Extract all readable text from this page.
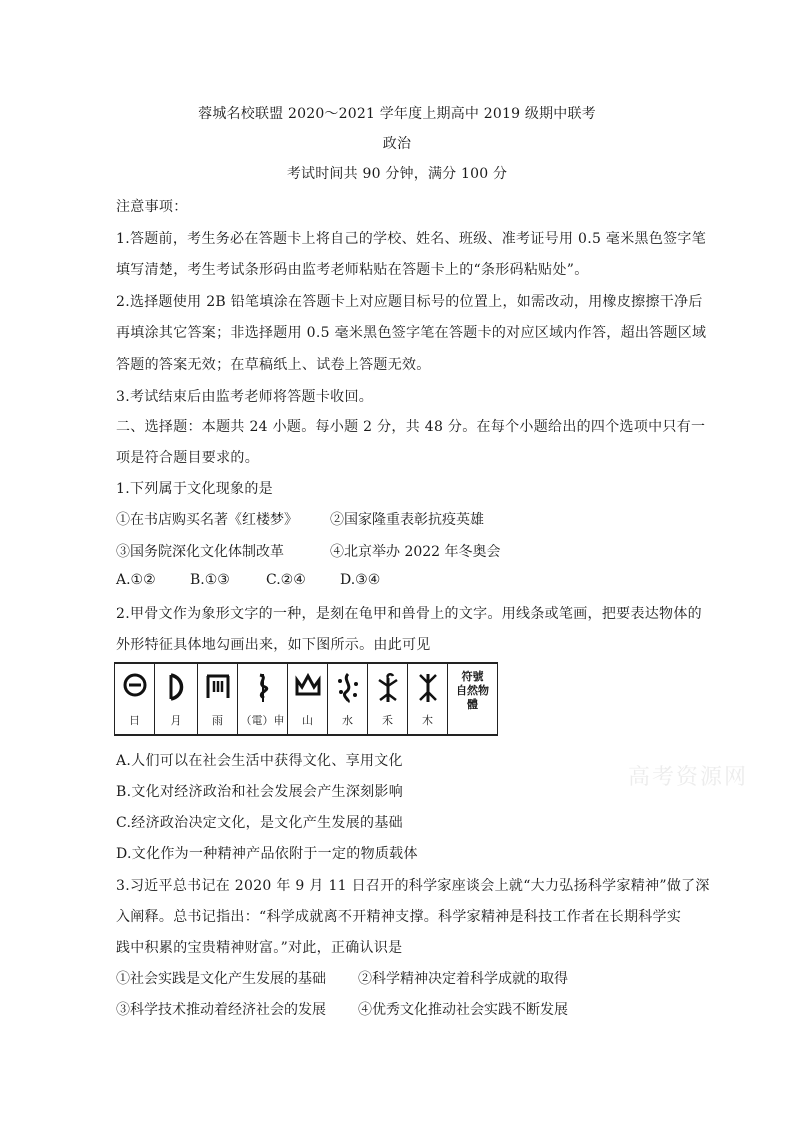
蓉城名校联盟 2020～2021 学年度上期高中 2019 级期中联考
政治
考试时间共 90 分钟，满分 100 分
注意事项：
1.答题前，考生务必在答题卡上将自己的学校、姓名、班级、准考证号用 0.5 毫米黑色签字笔
填写清楚，考生考试条形码由监考老师粘贴在答题卡上的“条形码粘贴处”。
2.选择题使用 2B 铅笔填涂在答题卡上对应题目标号的位置上，如需改动，用橡皮擦擦干净后
再填涂其它答案；非选择题用 0.5 毫米黑色签字笔在答题卡的对应区域内作答，超出答题区域
答题的答案无效；在草稿纸上、试卷上答题无效。
3.考试结束后由监考老师将答题卡收回。
二、选择题：本题共 24 小题。每小题 2 分，共 48 分。在每个小题给出的四个选项中只有一
项是符合题目要求的。
1.下列属于文化现象的是
①在书店购买名著《红楼梦》 ②国家隆重表彰抗疫英雄
③国务院深化文化体制改革	④北京举办 2022 年冬奥会
A.①② B.①③	C.②④ D.③④
2.甲骨文作为象形文字的一种，是刻在龟甲和兽骨上的文字。用线条或笔画，把要表达物体的
外形特征具体地勾画出来，如下图所示。由此可见
日	月	雨	（電）申	山	水	禾	木
符號 自然物體
A.人们可以在社会生活中获得文化、享用文化
B.文化对经济政治和社会发展会产生深刻影响
C.经济政治决定文化，是文化产生发展的基础
D.文化作为一种精神产品依附于一定的物质载体
3.习近平总书记在 2020 年 9 月 11 日召开的科学家座谈会上就“大力弘扬科学家精神”做了深
入阐释。总书记指出：“科学成就离不开精神支撑。科学家精神是科技工作者在长期科学实
践中积累的宝贵精神财富。”对此，正确认识是
①社会实践是文化产生发展的基础 ②科学精神决定着科学成就的取得
③科学技术推动着经济社会的发展 ④优秀文化推动社会实践不断发展
高考资源网
